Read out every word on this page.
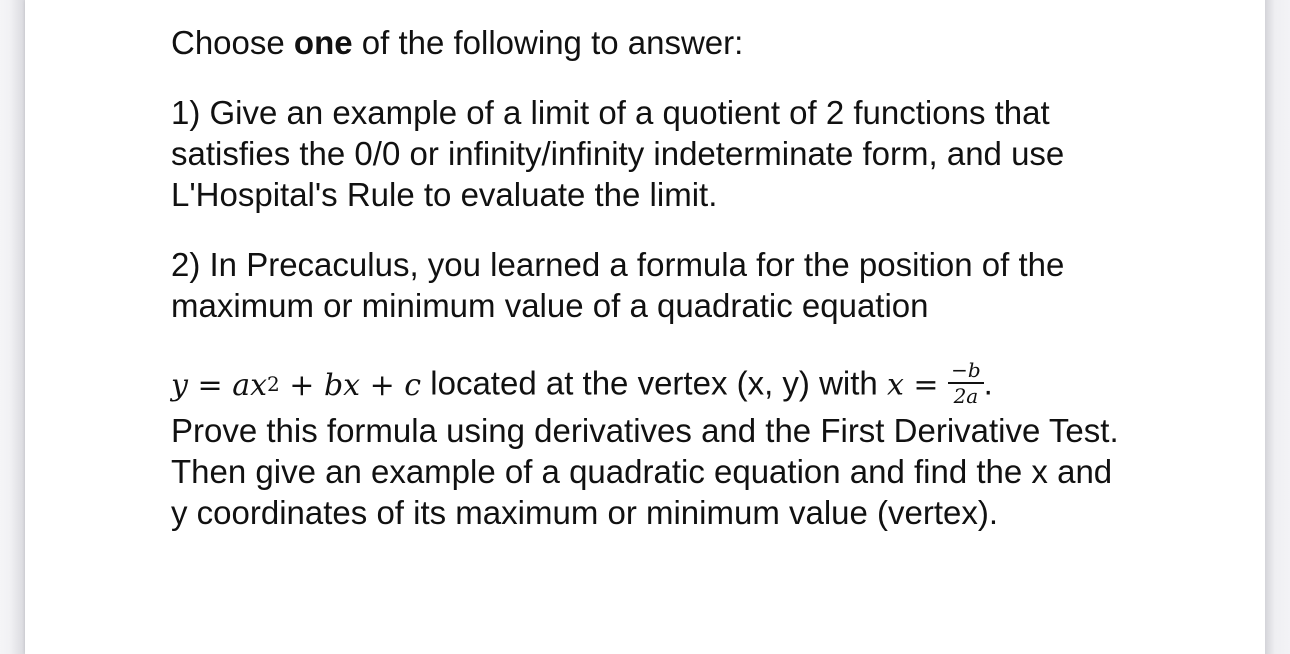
Choose one of the following to answer:

1) Give an example of a limit of a quotient of 2 functions that satisfies the 0/0 or infinity/infinity indeterminate form, and use L'Hospital's Rule to evaluate the limit.

2) In Precaculus, you learned a formula for the position of the maximum or minimum value of a quadratic equation

$y = ax^2$ + bx + c located at the vertex (x, y) with $x = \frac{-b}{2a}$ .

Prove this formula using derivatives and the First Derivative Test. Then give an example of a quadratic equation and find the x and y coordinates of its maximum or minimum value (vertex).
